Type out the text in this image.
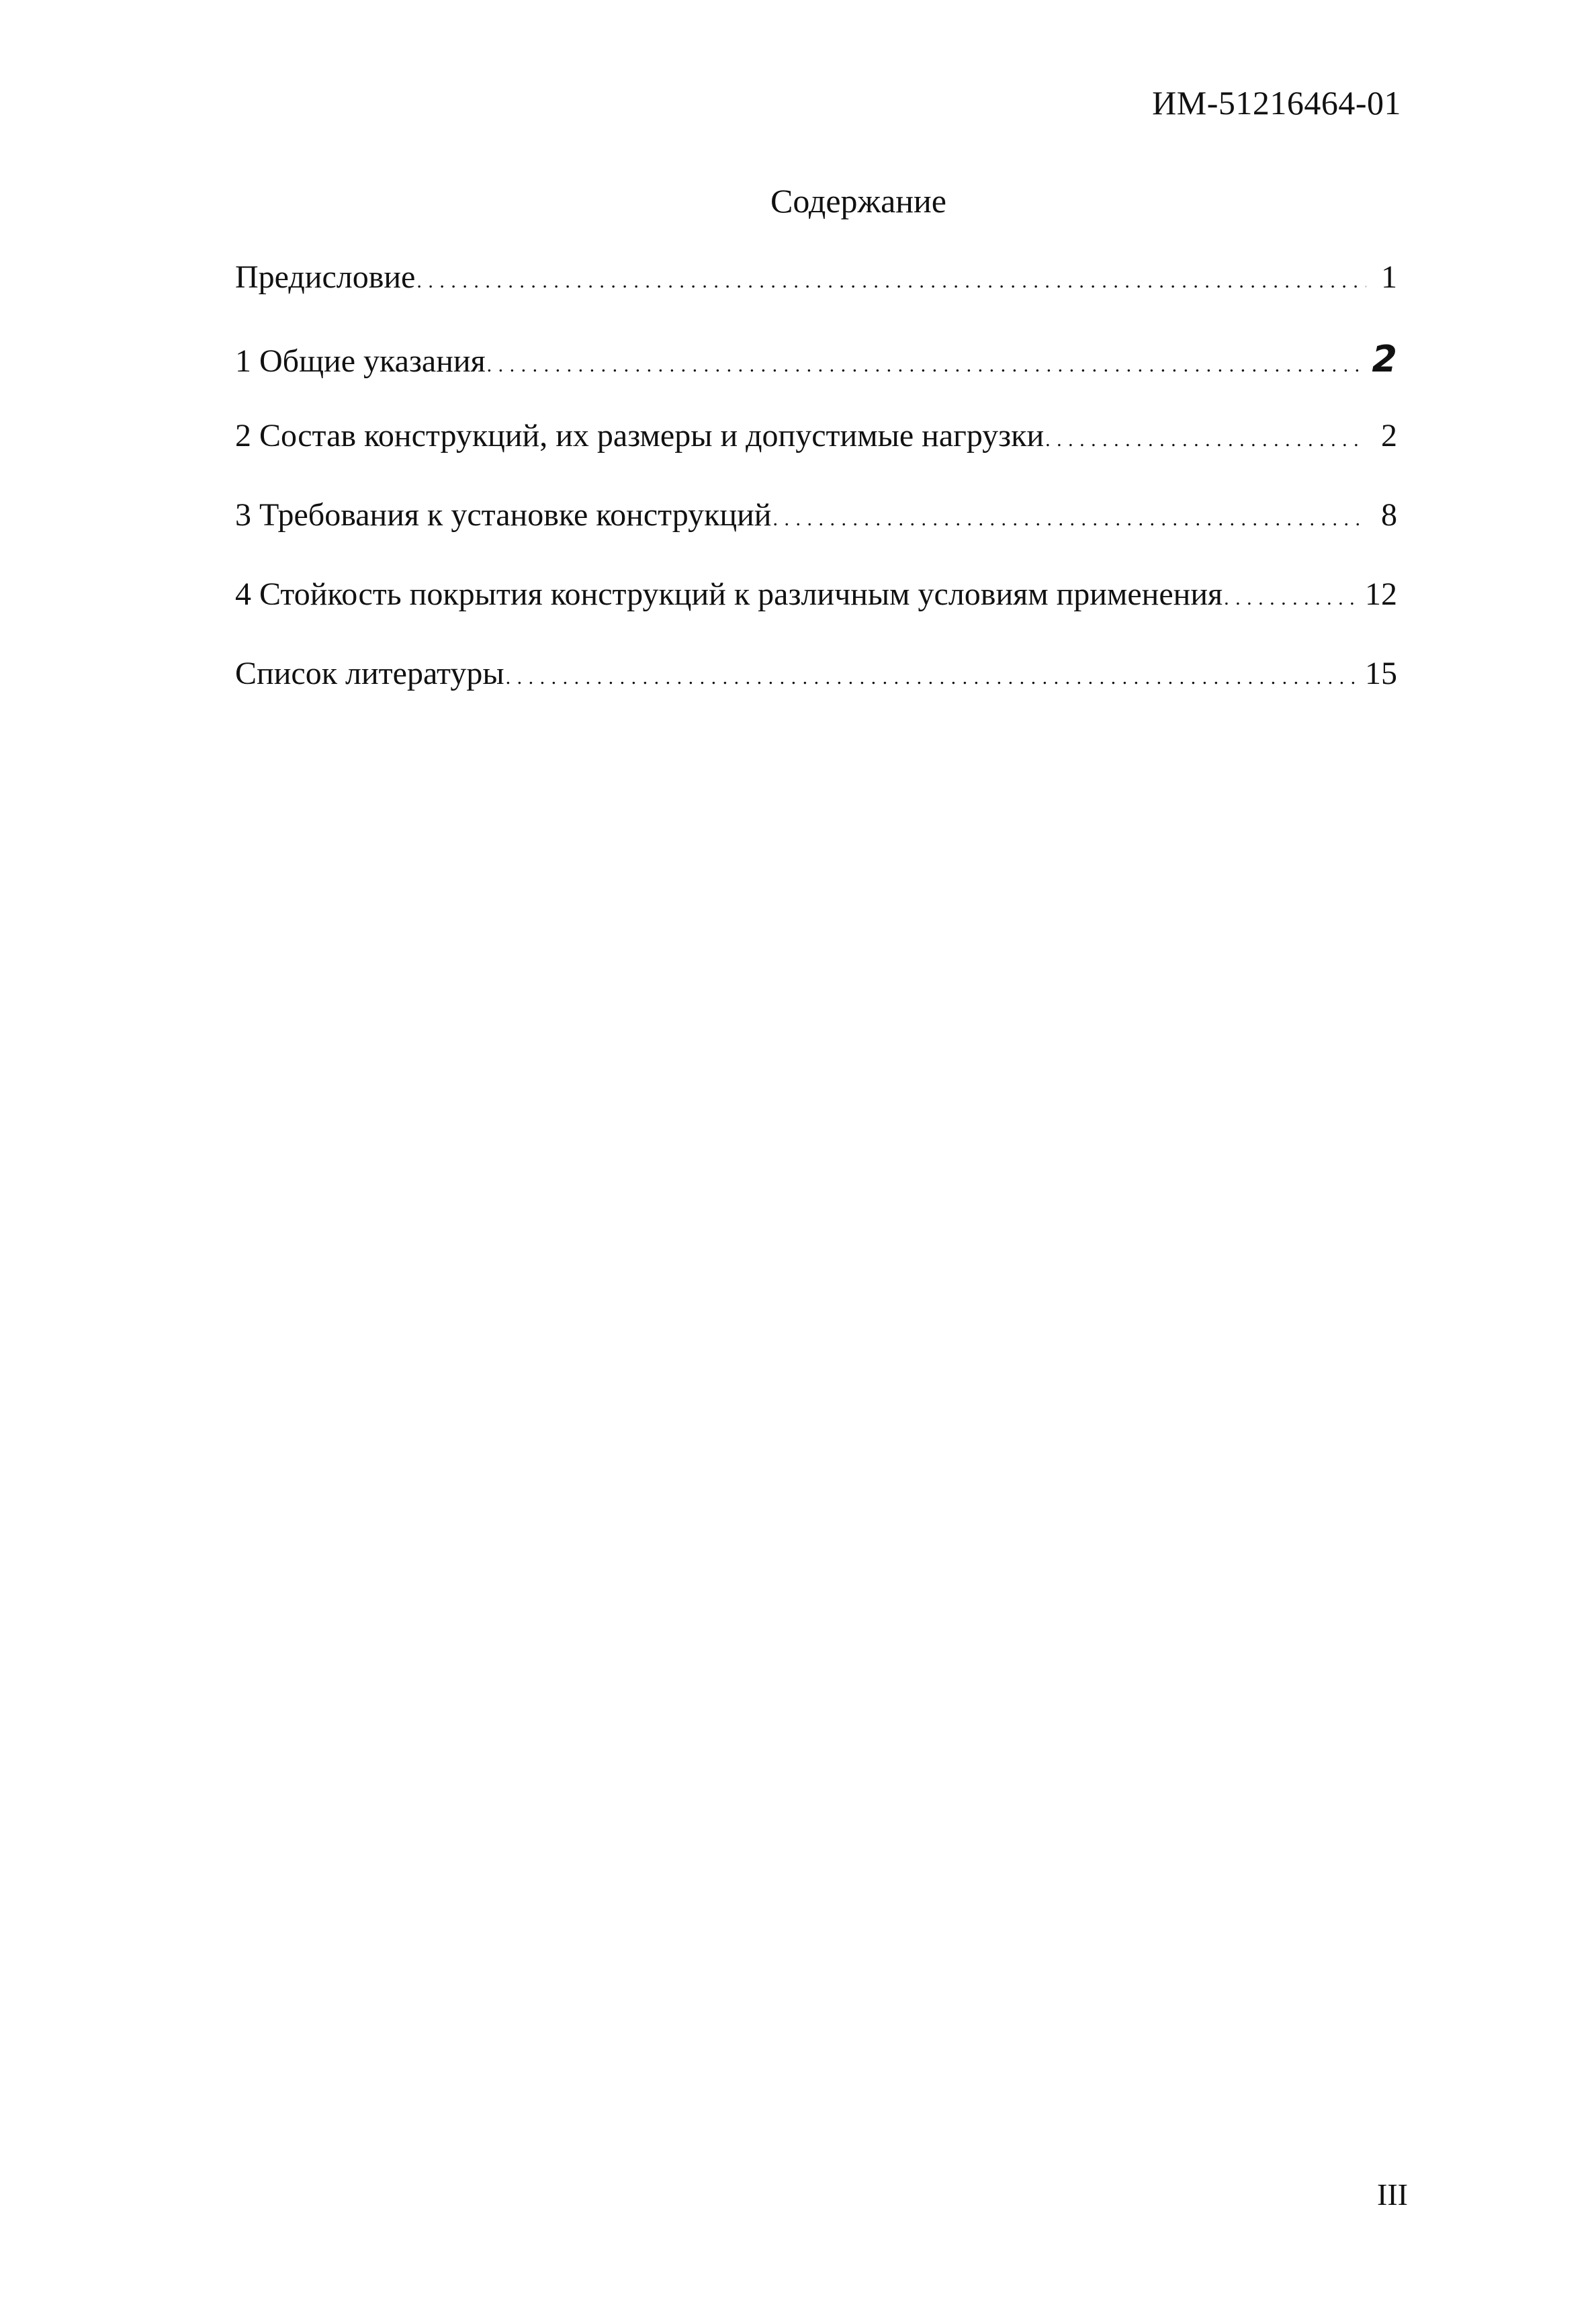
ИМ-51216464-01
Содержание
Предисловие . . .	1
1 Общие указания . . .	2
2 Состав конструкций, их размеры и допустимые нагрузки . . .	2
3 Требования к установке конструкций . . .	8
4 Стойкость покрытия конструкций к различным условиям применения . . .	12
Список литературы . . .	15
III
